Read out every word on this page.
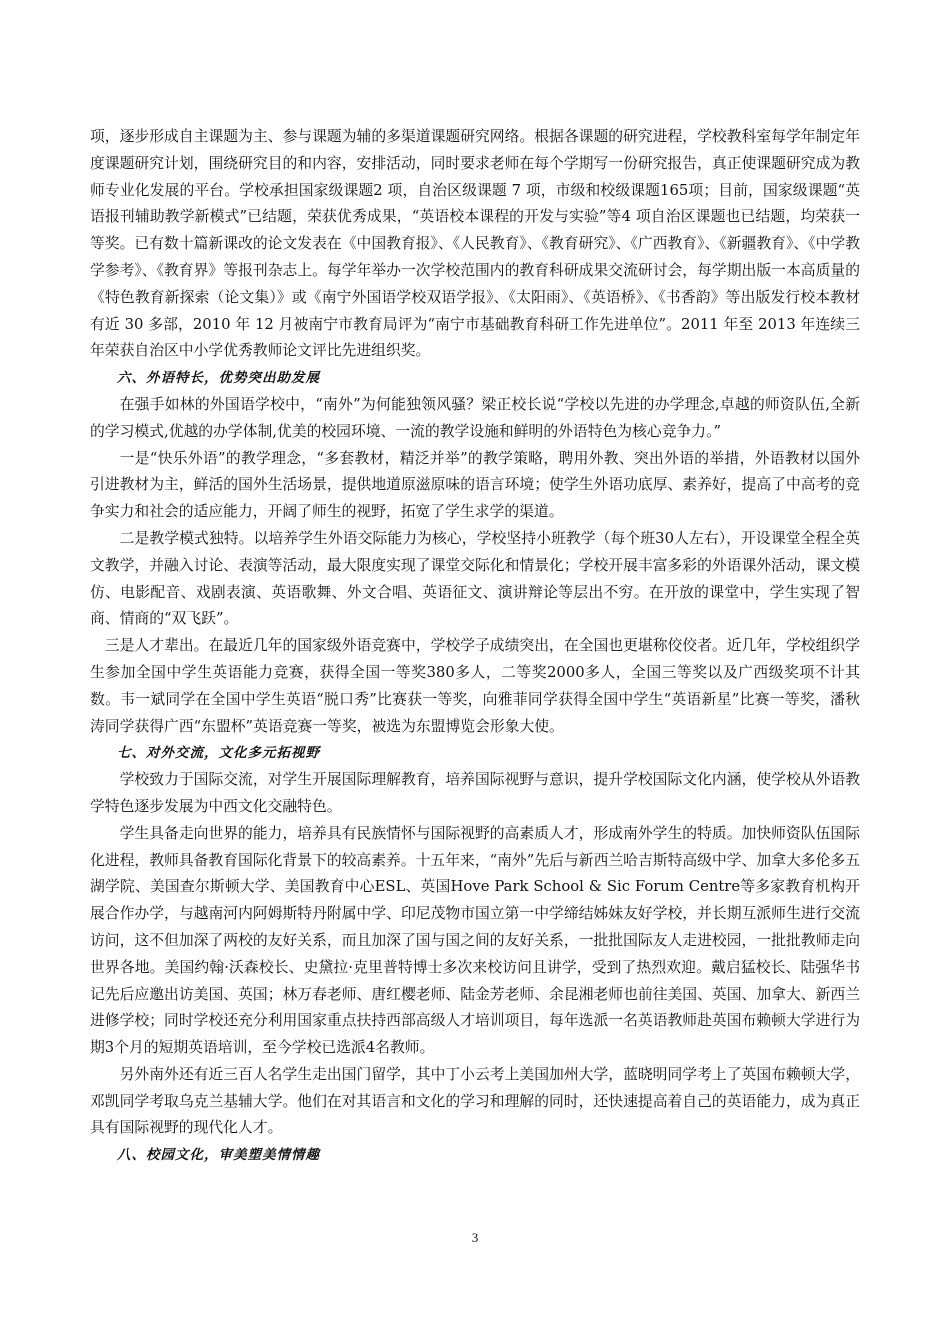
项，逐步形成自主课题为主、参与课题为辅的多渠道课题研究网络。根据各课题的研究进程，学校教科室每学年制定年度课题研究计划，围绕研究目的和内容，安排活动，同时要求老师在每个学期写一份研究报告，真正使课题研究成为教师专业化发展的平台。学校承担国家级课题2 项，自治区级课题 7 项，市级和校级课题165项；目前，国家级课题“英语报刊辅助教学新模式”已结题，荣获优秀成果，“英语校本课程的开发与实验”等4 项自治区课题也已结题，均荣获一等奖。已有数十篇新课改的论文发表在《中国教育报》、《人民教育》、《教育研究》、《广西教育》、《新疆教育》、《中学教学参考》、《教育界》等报刊杂志上。每学年举办一次学校范围内的教育科研成果交流研讨会，每学期出版一本高质量的《特色教育新探索（论文集）》或《南宁外国语学校双语学报》、《太阳雨》、《英语桥》、《书香韵》等出版发行校本教材有近 30 多部，2010 年 12 月被南宁市教育局评为“南宁市基础教育科研工作先进单位”。2011 年至 2013 年连续三年荣获自治区中小学优秀教师论文评比先进组织奖。

六、外语特长，优势突出助发展

在强手如林的外国语学校中，“南外”为何能独领风骚？梁正校长说“学校以先进的办学理念,卓越的师资队伍,全新的学习模式,优越的办学体制,优美的校园环境、一流的教学设施和鲜明的外语特色为核心竞争力。”

一是“快乐外语”的教学理念，“多套教材，精泛并举”的教学策略，聘用外教、突出外语的举措，外语教材以国外引进教材为主，鲜活的国外生活场景，提供地道原滋原味的语言环境；使学生外语功底厚、素养好，提高了中高考的竞争实力和社会的适应能力，开阔了师生的视野，拓宽了学生求学的渠道。

二是教学模式独特。以培养学生外语交际能力为核心，学校坚持小班教学（每个班30人左右），开设课堂全程全英文教学，并融入讨论、表演等活动，最大限度实现了课堂交际化和情景化；学校开展丰富多彩的外语课外活动，课文模仿、电影配音、戏剧表演、英语歌舞、外文合唱、英语征文、演讲辩论等层出不穷。在开放的课堂中，学生实现了智商、情商的“双飞跃”。

三是人才辈出。在最近几年的国家级外语竞赛中，学校学子成绩突出，在全国也更堪称佼佼者。近几年，学校组织学生参加全国中学生英语能力竞赛，获得全国一等奖380多人，二等奖2000多人，全国三等奖以及广西级奖项不计其数。韦一斌同学在全国中学生英语“脱口秀”比赛获一等奖，向雅菲同学获得全国中学生“英语新星”比赛一等奖，潘秋涛同学获得广西“东盟杯”英语竞赛一等奖，被选为东盟博览会形象大使。

七、对外交流，文化多元拓视野

学校致力于国际交流，对学生开展国际理解教育，培养国际视野与意识，提升学校国际文化内涵，使学校从外语教学特色逐步发展为中西文化交融特色。

学生具备走向世界的能力，培养具有民族情怀与国际视野的高素质人才，形成南外学生的特质。加快师资队伍国际化进程，教师具备教育国际化背景下的较高素养。十五年来，“南外”先后与新西兰哈吉斯特高级中学、加拿大多伦多五湖学院、美国查尔斯顿大学、美国教育中心ESL、英国Hove Park School & Sic Forum Centre等多家教育机构开展合作办学，与越南河内阿姆斯特丹附属中学、印尼茂物市国立第一中学缔结姊妹友好学校，并长期互派师生进行交流访问，这不但加深了两校的友好关系，而且加深了国与国之间的友好关系，一批批国际友人走进校园，一批批教师走向世界各地。美国约翰·沃森校长、史黛拉·克里普特博士多次来校访问且讲学，受到了热烈欢迎。戴启猛校长、陆强华书记先后应邀出访美国、英国；林万春老师、唐红樱老师、陆金芳老师、余昆湘老师也前往美国、英国、加拿大、新西兰进修学校；同时学校还充分利用国家重点扶持西部高级人才培训项目，每年选派一名英语教师赴英国布赖顿大学进行为期3个月的短期英语培训，至今学校已选派4名教师。

另外南外还有近三百人名学生走出国门留学，其中丁小云考上美国加州大学，蓝晓明同学考上了英国布赖顿大学，邓凯同学考取乌克兰基辅大学。他们在对其语言和文化的学习和理解的同时，还快速提高着自己的英语能力，成为真正具有国际视野的现代化人才。

八、校园文化，审美塑美情情趣

3
